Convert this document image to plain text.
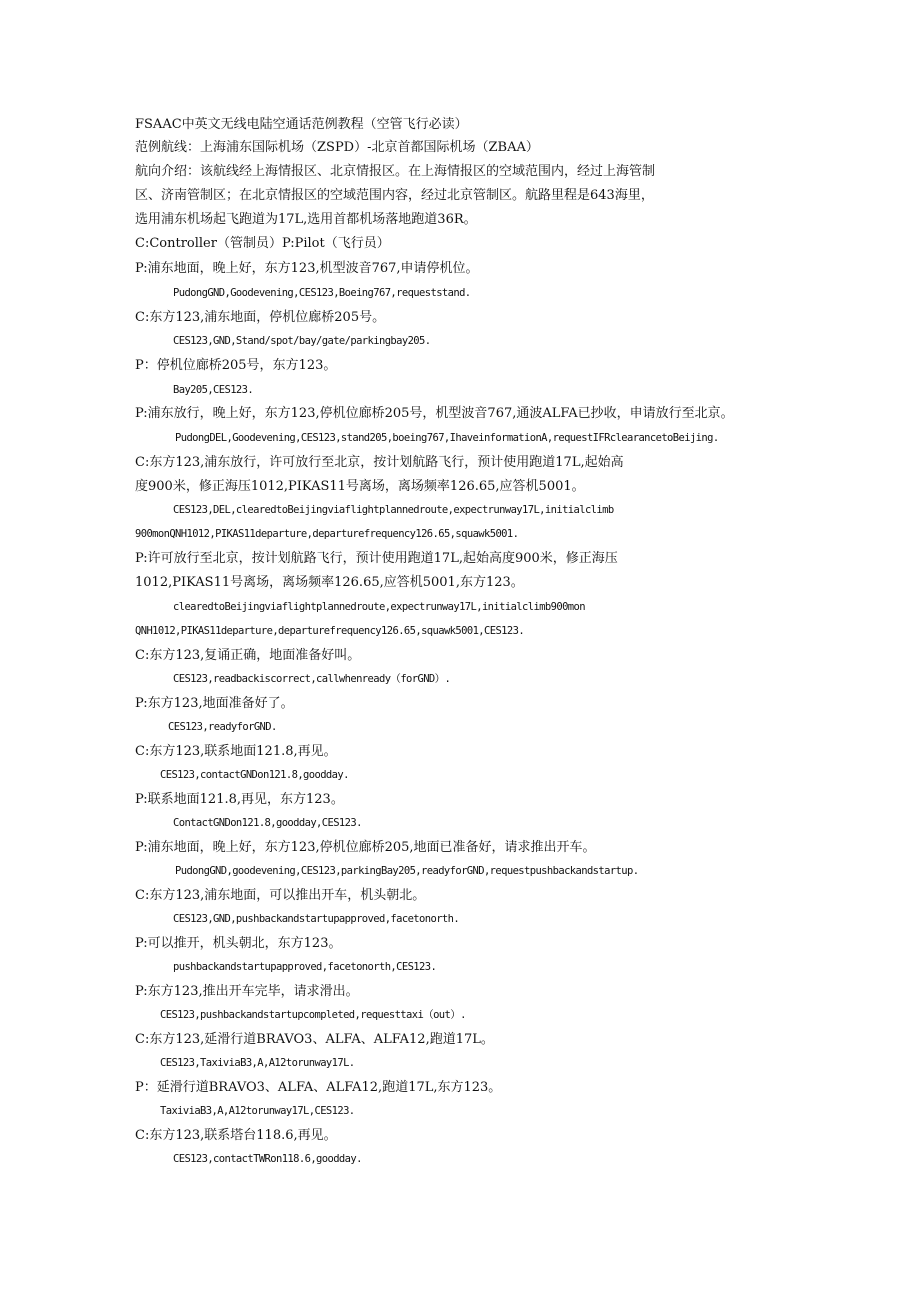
FSAAC中英文无线电陆空通话范例教程（空管飞行必读）
范例航线：上海浦东国际机场（ZSPD）-北京首都国际机场（ZBAA）
航向介绍：该航线经上海情报区、北京情报区。在上海情报区的空域范围内，经过上海管制
区、济南管制区；在北京情报区的空域范围内容，经过北京管制区。航路里程是643海里，
选用浦东机场起飞跑道为17L,选用首都机场落地跑道36R。
C:Controller（管制员）P:Pilot（飞行员）
P:浦东地面，晚上好，东方123,机型波音767,申请停机位。
PudongGND,Goodevening,CES123,Boeing767,requeststand.
C:东方123,浦东地面，停机位廊桥205号。
CES123,GND,Stand/spot/bay/gate/parkingbay205.
P：停机位廊桥205号，东方123。
Bay205,CES123.
P:浦东放行，晚上好，东方123,停机位廊桥205号，机型波音767,通波ALFA已抄收，申请放行至北京。
PudongDEL,Goodevening,CES123,stand205,boeing767,IhaveinformationA,requestIFRclearancetoBeijing.
C:东方123,浦东放行，许可放行至北京，按计划航路飞行，预计使用跑道17L,起始高
度900米，修正海压1012,PIKAS11号离场，离场频率126.65,应答机5001。
CES123,DEL,clearedtoBeijingviaflightplannedroute,expectrunway17L,initialclimb
900monQNH1012,PIKAS11departure,departurefrequency126.65,squawk5001.
P:许可放行至北京，按计划航路飞行，预计使用跑道17L,起始高度900米，修正海压
1012,PIKAS11号离场，离场频率126.65,应答机5001,东方123。
clearedtoBeijingviaflightplannedroute,expectrunway17L,initialclimb900mon
QNH1012,PIKAS11departure,departurefrequency126.65,squawk5001,CES123.
C:东方123,复诵正确，地面准备好叫。
CES123,readbackiscorrect,callwhenready（forGND）.
P:东方123,地面准备好了。
CES123,readyforGND.
C:东方123,联系地面121.8,再见。
CES123,contactGNDon121.8,goodday.
P:联系地面121.8,再见，东方123。
ContactGNDon121.8,goodday,CES123.
P:浦东地面，晚上好，东方123,停机位廊桥205,地面已准备好，请求推出开车。
PudongGND,goodevening,CES123,parkingBay205,readyforGND,requestpushbackandstartup.
C:东方123,浦东地面，可以推出开车，机头朝北。
CES123,GND,pushbackandstartupapproved,facetonorth.
P:可以推开，机头朝北，东方123。
pushbackandstartupapproved,facetonorth,CES123.
P:东方123,推出开车完毕，请求滑出。
CES123,pushbackandstartupcompleted,requesttaxi（out）.
C:东方123,延滑行道BRAVO3、ALFA、ALFA12,跑道17L。
CES123,TaxiviaB3,A,A12torunway17L.
P：延滑行道BRAVO3、ALFA、ALFA12,跑道17L,东方123。
TaxiviaB3,A,A12torunway17L,CES123.
C:东方123,联系塔台118.6,再见。
CES123,contactTWRon118.6,goodday.
